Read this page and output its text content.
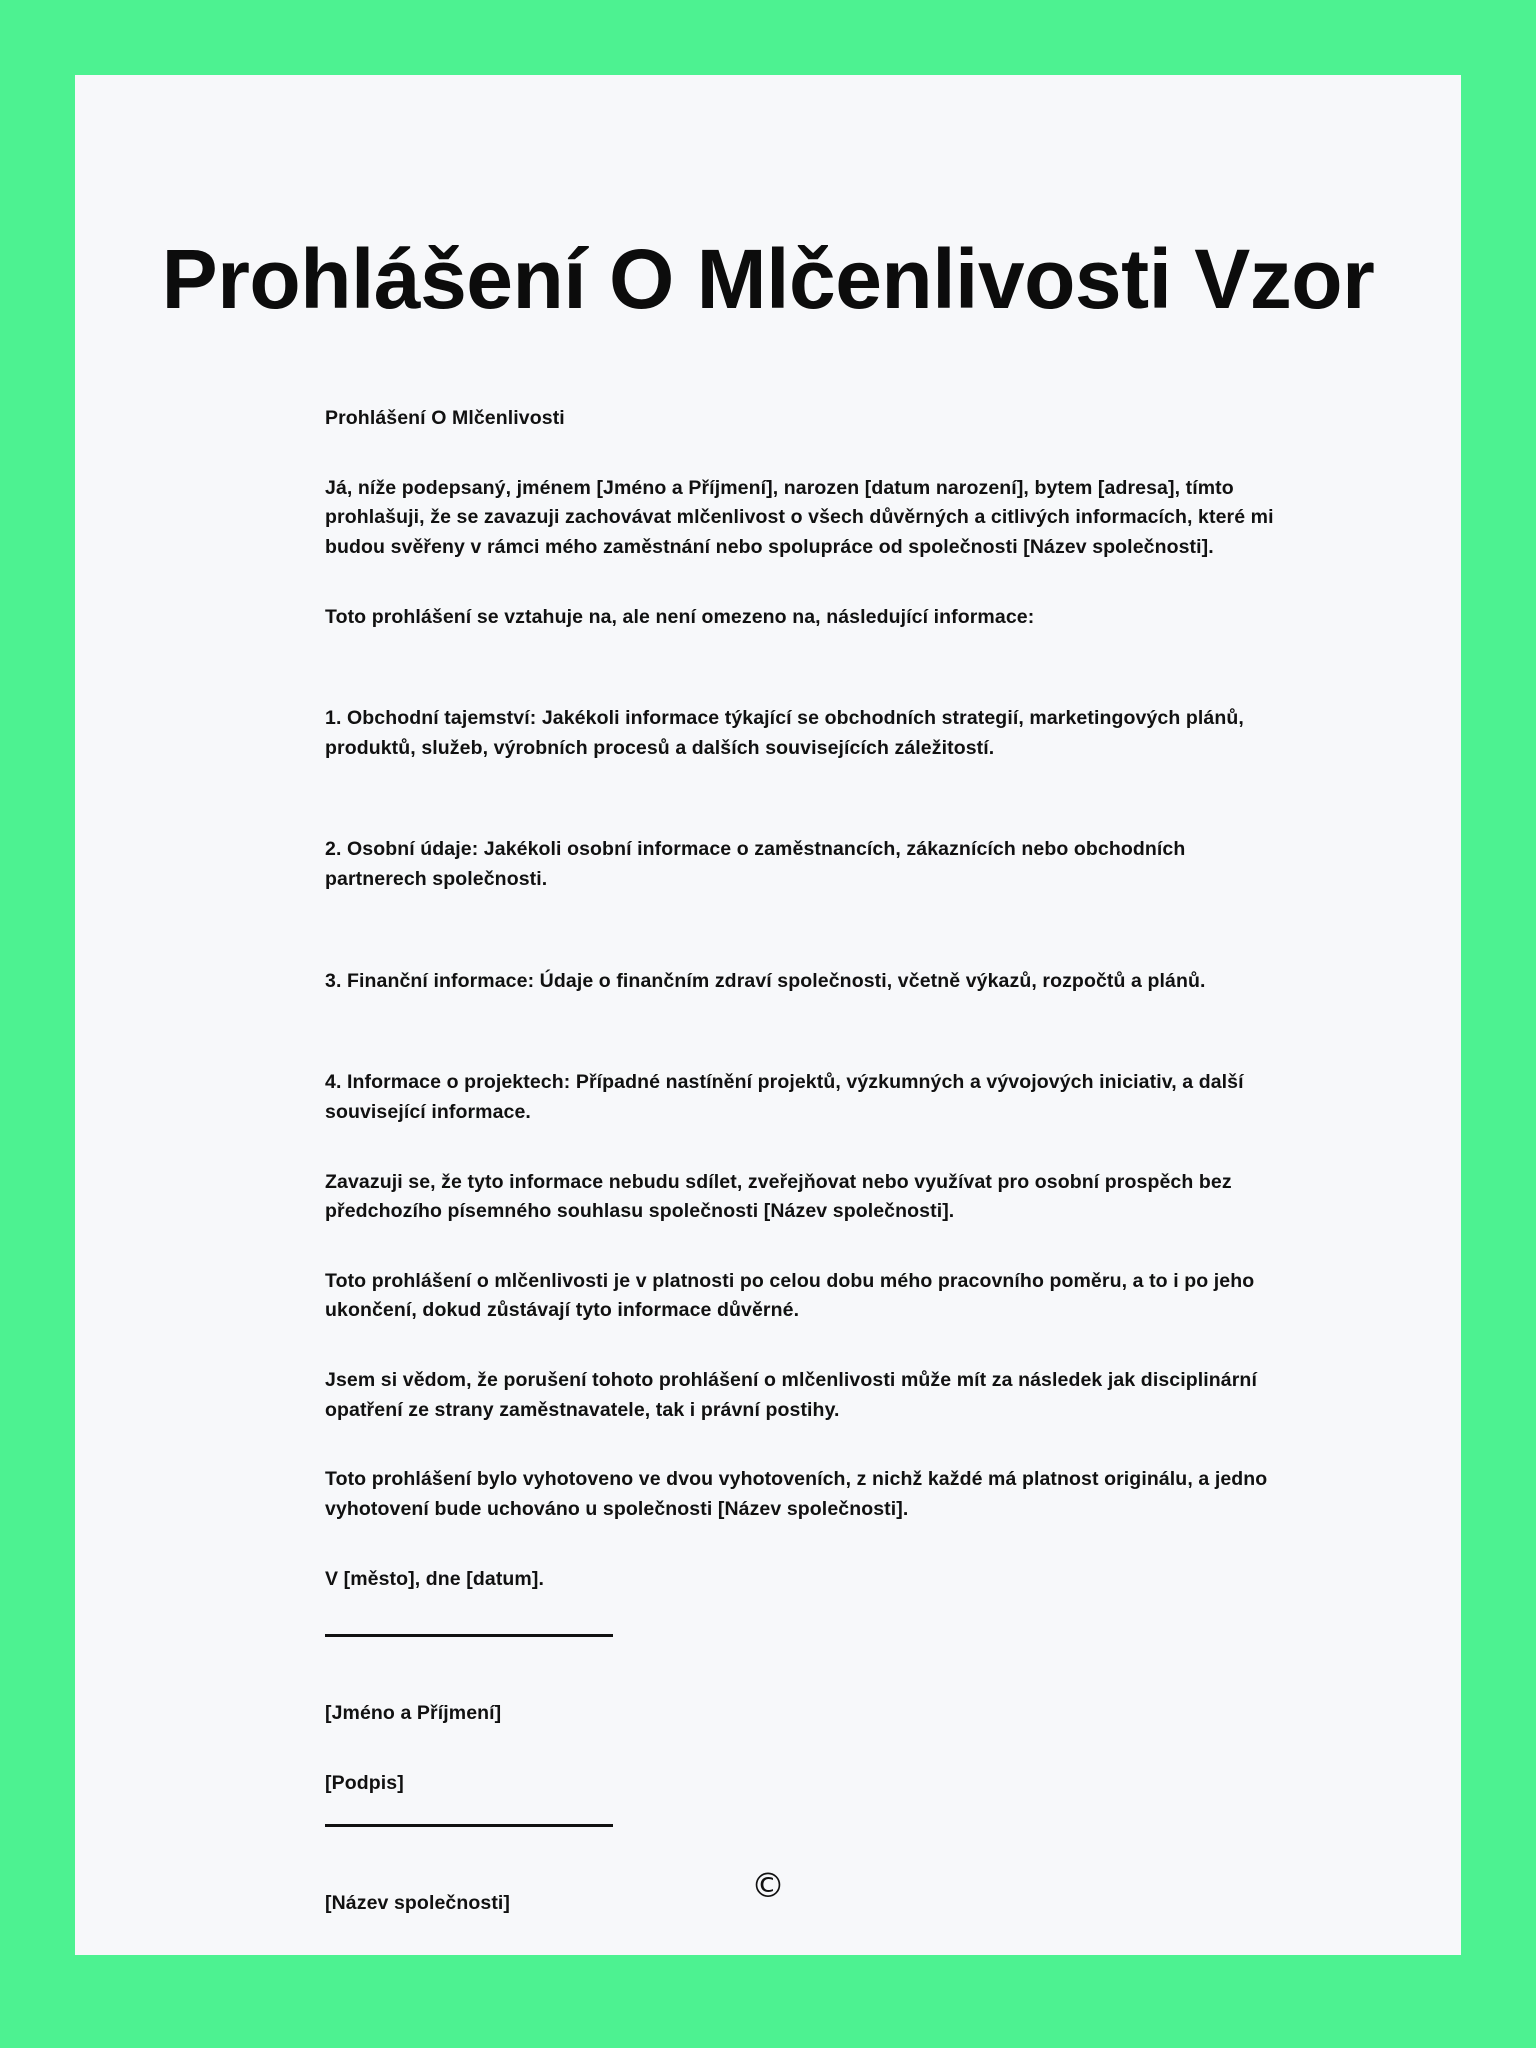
Prohlášení O Mlčenlivosti Vzor

Prohlášení O Mlčenlivosti

Já, níže podepsaný, jménem [Jméno a Příjmení], narozen [datum narození], bytem [adresa], tímto prohlašuji, že se zavazuji zachovávat mlčenlivost o všech důvěrných a citlivých informacích, které mi budou svěřeny v rámci mého zaměstnání nebo spolupráce od společnosti [Název společnosti].

Toto prohlášení se vztahuje na, ale není omezeno na, následující informace:

1. Obchodní tajemství: Jakékoli informace týkající se obchodních strategií, marketingových plánů, produktů, služeb, výrobních procesů a dalších souvisejících záležitostí.

2. Osobní údaje: Jakékoli osobní informace o zaměstnancích, zákaznících nebo obchodních partnerech společnosti.

3. Finanční informace: Údaje o finančním zdraví společnosti, včetně výkazů, rozpočtů a plánů.

4. Informace o projektech: Případné nastínění projektů, výzkumných a vývojových iniciativ, a další související informace.

Zavazuji se, že tyto informace nebudu sdílet, zveřejňovat nebo využívat pro osobní prospěch bez předchozího písemného souhlasu společnosti [Název společnosti].

Toto prohlášení o mlčenlivosti je v platnosti po celou dobu mého pracovního poměru, a to i po jeho ukončení, dokud zůstávají tyto informace důvěrné.

Jsem si vědom, že porušení tohoto prohlášení o mlčenlivosti může mít za následek jak disciplinární opatření ze strany zaměstnavatele, tak i právní postihy.

Toto prohlášení bylo vyhotoveno ve dvou vyhotoveních, z nichž každé má platnost originálu, a jedno vyhotovení bude uchováno u společnosti [Název společnosti].

V [město], dne [datum].

[Jméno a Příjmení]

[Podpis]

[Název společnosti]	©
